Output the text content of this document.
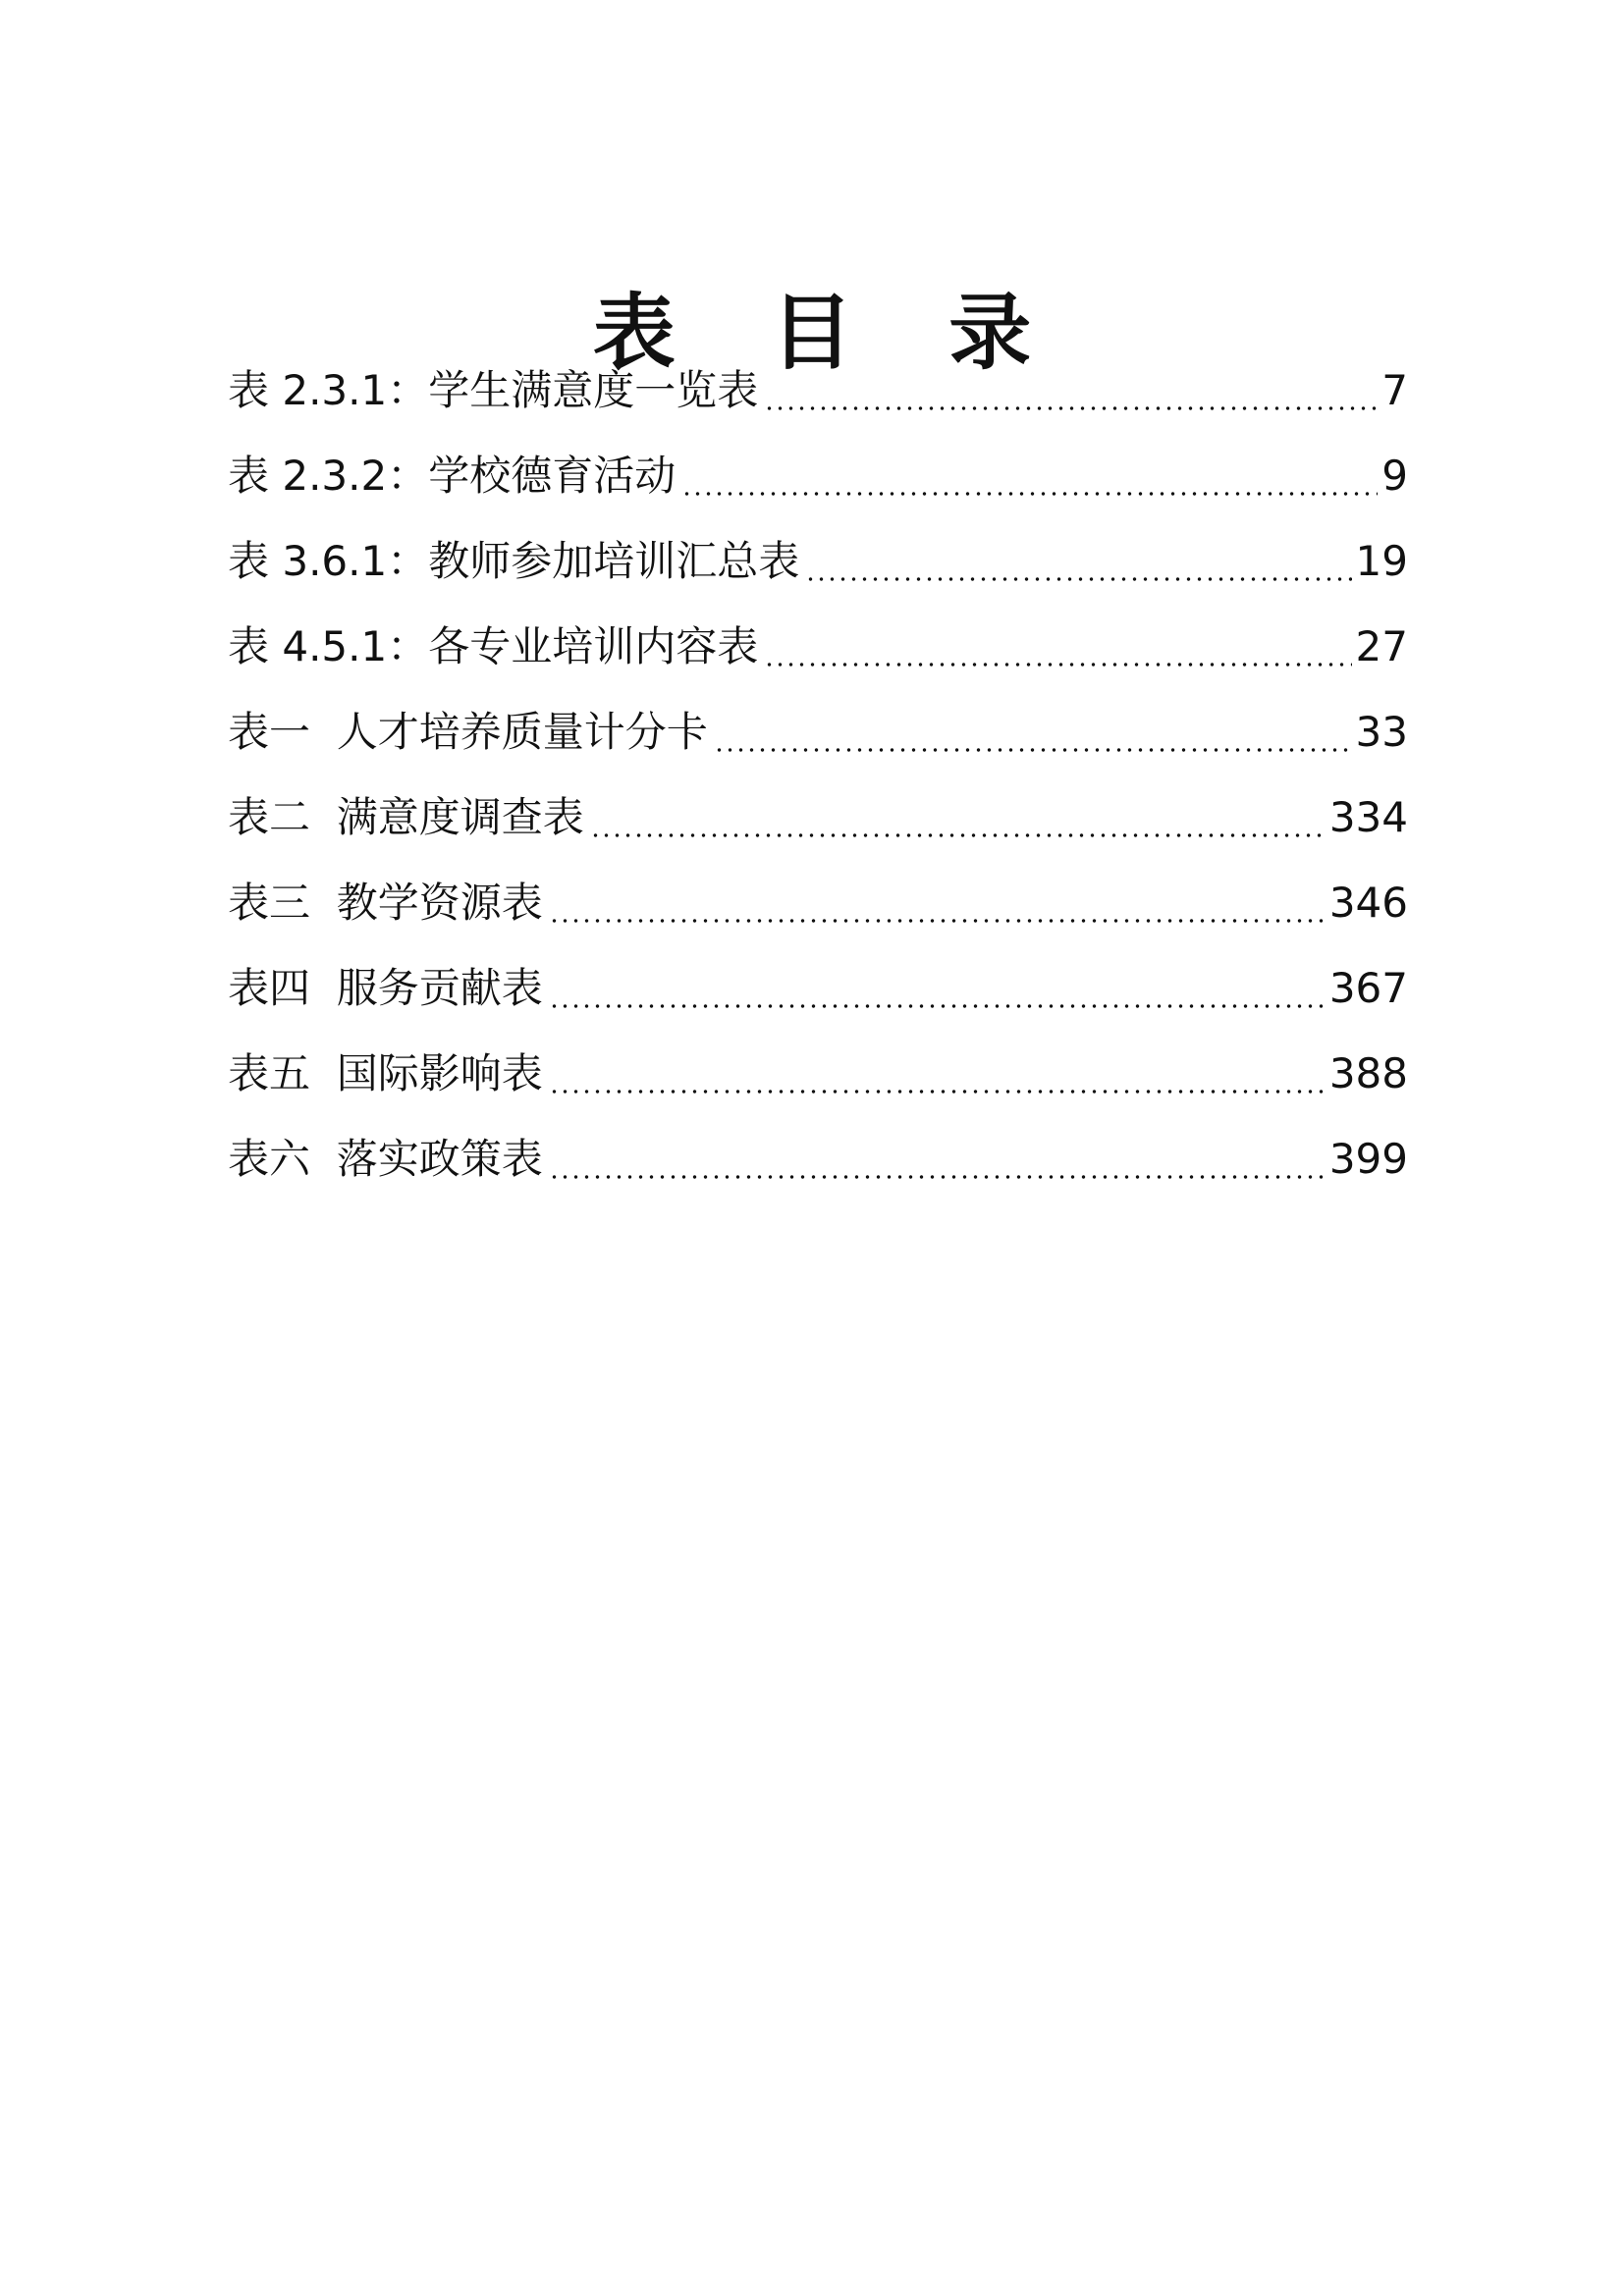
表 目 录
表 2.3.1：学生满意度一览表	7
表 2.3.2：学校德育活动	9
表 3.6.1：教师参加培训汇总表	19
表 4.5.1：各专业培训内容表	27
表一  人才培养质量计分卡	33
表二  满意度调查表	334
表三  教学资源表	346
表四  服务贡献表	367
表五  国际影响表	388
表六  落实政策表	399
